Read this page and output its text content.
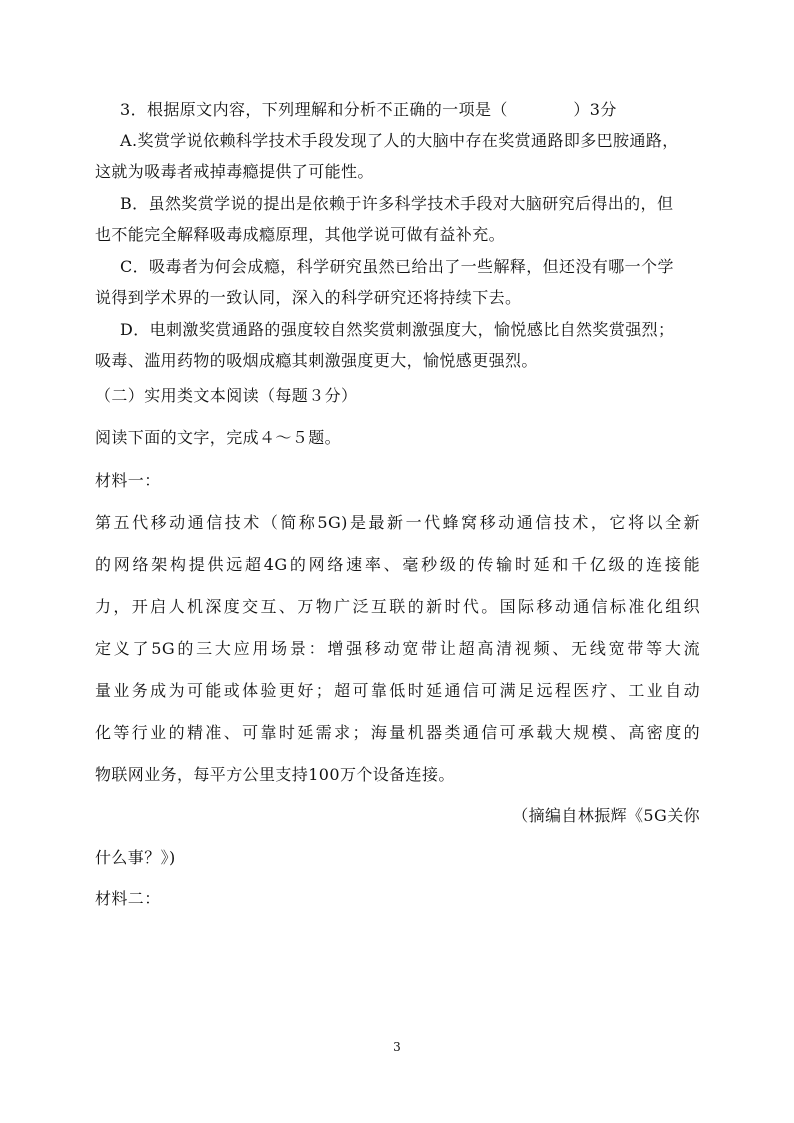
3．根据原文内容，下列理解和分析不正确的一项是（　　　　）3分
A.奖赏学说依赖科学技术手段发现了人的大脑中存在奖赏通路即多巴胺通路，
这就为吸毒者戒掉毒瘾提供了可能性。
B．虽然奖赏学说的提出是依赖于许多科学技术手段对大脑研究后得出的，但
也不能完全解释吸毒成瘾原理，其他学说可做有益补充。
C．吸毒者为何会成瘾，科学研究虽然已给出了一些解释，但还没有哪一个学
说得到学术界的一致认同，深入的科学研究还将持续下去。
D．电刺激奖赏通路的强度较自然奖赏刺激强度大，愉悦感比自然奖赏强烈；
吸毒、滥用药物的吸烟成瘾其刺激强度更大，愉悦感更强烈。
（二）实用类文本阅读（每题３分）
阅读下面的文字，完成４～５题。
材料一：
第五代移动通信技术（简称5G)是最新一代蜂窝移动通信技术，它将以全新
的网络架构提供远超4G的网络速率、毫秒级的传输时延和千亿级的连接能
力，开启人机深度交互、万物广泛互联的新时代。国际移动通信标准化组织
定义了5G的三大应用场景：增强移动宽带让超高清视频、无线宽带等大流
量业务成为可能或体验更好；超可靠低时延通信可满足远程医疗、工业自动
化等行业的精准、可靠时延需求；海量机器类通信可承载大规模、高密度的
物联网业务，每平方公里支持100万个设备连接。
（摘编自林振辉《5G关你
什么事？》)
材料二：
3
